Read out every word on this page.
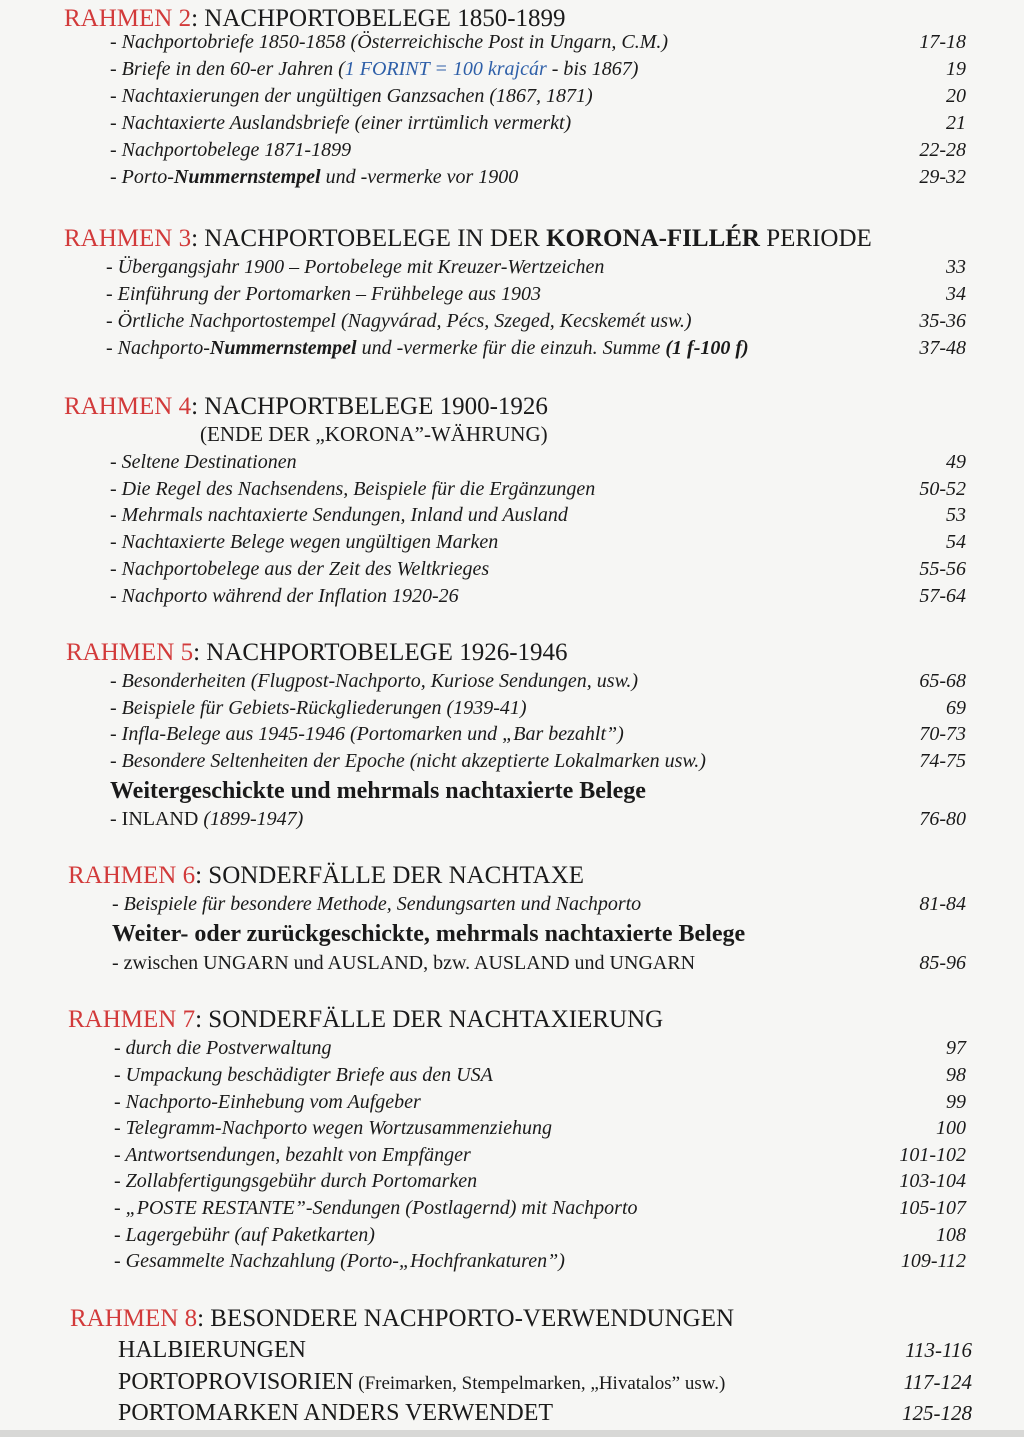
RAHMEN 2: NACHPORTOBELEGE 1850-1899
- Nachportobriefe 1850-1858 (Österreichische Post in Ungarn, C.M.)	17-18
- Briefe in den 60-er Jahren (1 FORINT = 100 krajcár - bis 1867)	19
- Nachtaxierungen der ungültigen Ganzsachen (1867, 1871)	20
- Nachtaxierte Auslandsbriefe (einer irrtümlich vermerkt)	21
- Nachportobelege 1871-1899	22-28
- Porto-Nummernstempel und -vermerke vor 1900	29-32
RAHMEN 3: NACHPORTOBELEGE IN DER KORONA-FILLÉR PERIODE
- Übergangsjahr 1900 – Portobelege mit Kreuzer-Wertzeichen	33
- Einführung der Portomarken – Frühbelege aus 1903	34
- Örtliche Nachportostempel (Nagyvárad, Pécs, Szeged, Kecskemét usw.)	35-36
- Nachporto-Nummernstempel und -vermerke für die einzuh. Summe (1 f-100 f)	37-48
RAHMEN 4: NACHPORTBELEGE 1900-1926
(ENDE DER „KORONA”-WÄHRUNG)
- Seltene Destinationen	49
- Die Regel des Nachsendens, Beispiele für die Ergänzungen	50-52
- Mehrmals nachtaxierte Sendungen, Inland und Ausland	53
- Nachtaxierte Belege wegen ungültigen Marken	54
- Nachportobelege aus der Zeit des Weltkrieges	55-56
- Nachporto während der Inflation 1920-26	57-64
RAHMEN 5: NACHPORTOBELEGE 1926-1946
- Besonderheiten (Flugpost-Nachporto, Kuriose Sendungen, usw.)	65-68
- Beispiele für Gebiets-Rückgliederungen (1939-41)	69
- Infla-Belege aus 1945-1946 (Portomarken und „Bar bezahlt”)	70-73
- Besondere Seltenheiten der Epoche (nicht akzeptierte Lokalmarken usw.)	74-75
Weitergeschickte und mehrmals nachtaxierte Belege
- INLAND (1899-1947)	76-80
RAHMEN 6: SONDERFÄLLE DER NACHTAXE
- Beispiele für besondere Methode, Sendungsarten und Nachporto	81-84
Weiter- oder zurückgeschickte, mehrmals nachtaxierte Belege
- zwischen UNGARN und AUSLAND, bzw. AUSLAND und UNGARN	85-96
RAHMEN 7: SONDERFÄLLE DER NACHTAXIERUNG
- durch die Postverwaltung	97
- Umpackung beschädigter Briefe aus den USA	98
- Nachporto-Einhebung vom Aufgeber	99
- Telegramm-Nachporto wegen Wortzusammenziehung	100
- Antwortsendungen, bezahlt von Empfänger	101-102
- Zollabfertigungsgebühr durch Portomarken	103-104
- „POSTE RESTANTE”-Sendungen (Postlagernd) mit Nachporto	105-107
- Lagergebühr (auf Paketkarten)	108
- Gesammelte Nachzahlung (Porto-„Hochfrankaturen”)	109-112
RAHMEN 8: BESONDERE NACHPORTO-VERWENDUNGEN
HALBIERUNGEN	113-116
PORTOPROVISORIEN (Freimarken, Stempelmarken, „Hivatalos” usw.)	117-124
PORTOMARKEN ANDERS VERWENDET	125-128
